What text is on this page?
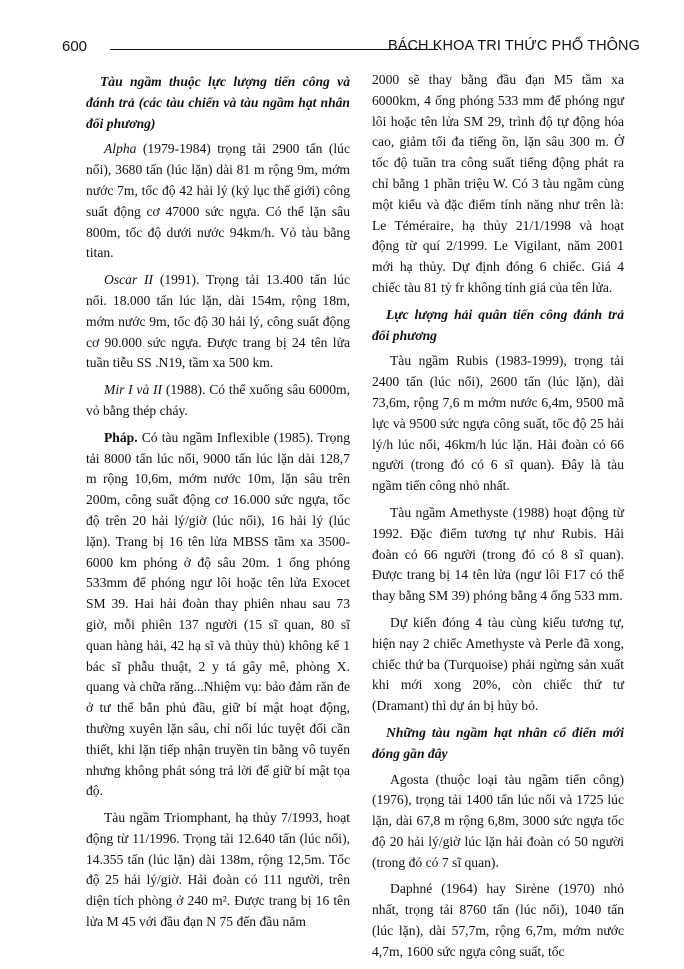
600	BÁCH KHOA TRI THỨC PHỔ THÔNG

Tàu ngầm thuộc lực lượng tiến công và đánh trả (các tàu chiến và tàu ngầm hạt nhân đối phương)

Alpha (1979-1984) trọng tải 2900 tấn (lúc nổi), 3680 tấn (lúc lặn) dài 81 m rộng 9m, mớm nước 7m, tốc độ 42 hải lý (kỷ lục thế giới) công suất động cơ 47000 sức ngựa. Có thể lặn sâu 800m, tốc độ dưới nước 94km/h. Vỏ tàu bằng titan.

Oscar II (1991). Trọng tải 13.400 tấn lúc nổi. 18.000 tấn lúc lặn, dài 154m, rộng 18m, mớm nước 9m, tốc độ 30 hải lý, công suất động cơ 90.000 sức ngựa. Được trang bị 24 tên lửa tuần tiễu SS .N19, tầm xa 500 km.

Mir I và II (1988). Có thể xuống sâu 6000m, vỏ bằng thép cháy.

Pháp. Có tàu ngầm Inflexible (1985). Trọng tải 8000 tấn lúc nổi, 9000 tấn lúc lặn dài 128,7 m rộng 10,6m, mớm nước 10m, lặn sâu trên 200m, công suất động cơ 16.000 sức ngựa, tốc độ trên 20 hải lý/giờ (lúc nổi), 16 hải lý (lúc lặn). Trang bị 16 tên lửa MBSS tầm xa 3500-6000 km phóng ở độ sâu 20m. 1 ống phóng 533mm để phóng ngư lôi hoặc tên lửa Exocet SM 39. Hai hải đoàn thay phiên nhau sau 73 giờ, mỗi phiên 137 người (15 sĩ quan, 80 sĩ quan hàng hải, 42 hạ sĩ và thủy thủ) không kể 1 bác sĩ phẫu thuật, 2 y tá gây mê, phòng X. quang và chữa răng...Nhiệm vụ: bảo đảm răn đe ở tư thế bắn phủ đầu, giữ bí mật hoạt động, thường xuyên lặn sâu, chỉ nổi lúc tuyệt đối cần thiết, khi lặn tiếp nhận truyền tin bằng vô tuyến nhưng không phát sóng trả lời để giữ bí mật tọa độ.

Tàu ngầm Triomphant, hạ thủy 7/1993, hoạt động từ 11/1996. Trọng tải 12.640 tấn (lúc nổi), 14.355 tấn (lúc lặn) dài 138m, rộng 12,5m. Tốc độ 25 hải lý/giờ. Hải đoàn có 111 người, trên diện tích phòng ở 240 m². Được trang bị 16 tên lửa M 45 với đầu đạn N 75 đến đầu năm

2000 sẽ thay bằng đầu đạn M5 tầm xa 6000km, 4 ống phóng 533 mm để phóng ngư lôi hoặc tên lửa SM 29, trình độ tự động hóa cao, giảm tối đa tiếng ồn, lặn sâu 300 m. Ở tốc độ tuần tra công suất tiếng động phát ra chỉ bằng 1 phần triệu W. Có 3 tàu ngầm cùng một kiểu và đặc điểm tính năng như trên là: Le Téméraire, hạ thủy 21/1/1998 và hoạt động từ quí 2/1999. Le Vigilant, năm 2001 mới hạ thủy. Dự định đóng 6 chiếc. Giá 4 chiếc tàu 81 tỷ fr không tính giá của tên lửa.

Lực lượng hải quân tiến công đánh trả đối phương

Tàu ngầm Rubis (1983-1999), trọng tải 2400 tấn (lúc nổi), 2600 tấn (lúc lặn), dài 73,6m, rộng 7,6 m mớm nước 6,4m, 9500 mã lực và 9500 sức ngựa công suất, tốc độ 25 hải lý/h lúc nổi, 46km/h lúc lặn. Hải đoàn có 66 người (trong đó có 6 sĩ quan). Đây là tàu ngầm tiến công nhỏ nhất.

Tàu ngầm Amethyste (1988) hoạt động từ 1992. Đặc điểm tương tự như Rubis. Hải đoàn có 66 người (trong đó có 8 sĩ quan). Được trang bị 14 tên lửa (ngư lôi F17 có thể thay bằng SM 39) phóng bằng 4 ống 533 mm.

Dự kiến đóng 4 tàu cùng kiểu tương tự, hiện nay 2 chiếc Amethyste và Perle đã xong, chiếc thứ ba (Turquoise) phải ngừng sản xuất khi mới xong 20%, còn chiếc thứ tư (Dramant) thì dự án bị hủy bỏ.

Những tàu ngầm hạt nhân cổ điển mới đóng gần đây

Agosta (thuộc loại tàu ngầm tiến công) (1976), trọng tải 1400 tấn lúc nổi và 1725 lúc lặn, dài 67,8 m rộng 6,8m, 3000 sức ngựa tốc độ 20 hải lý/giờ lúc lặn hải đoàn có 50 người (trong đó có 7 sĩ quan).

Daphné (1964) hay Sirène (1970) nhỏ nhất, trọng tải 8760 tấn (lúc nổi), 1040 tấn (lúc lặn), dài 57,7m, rộng 6,7m, mớm nước 4,7m, 1600 sức ngựa công suất, tốc
